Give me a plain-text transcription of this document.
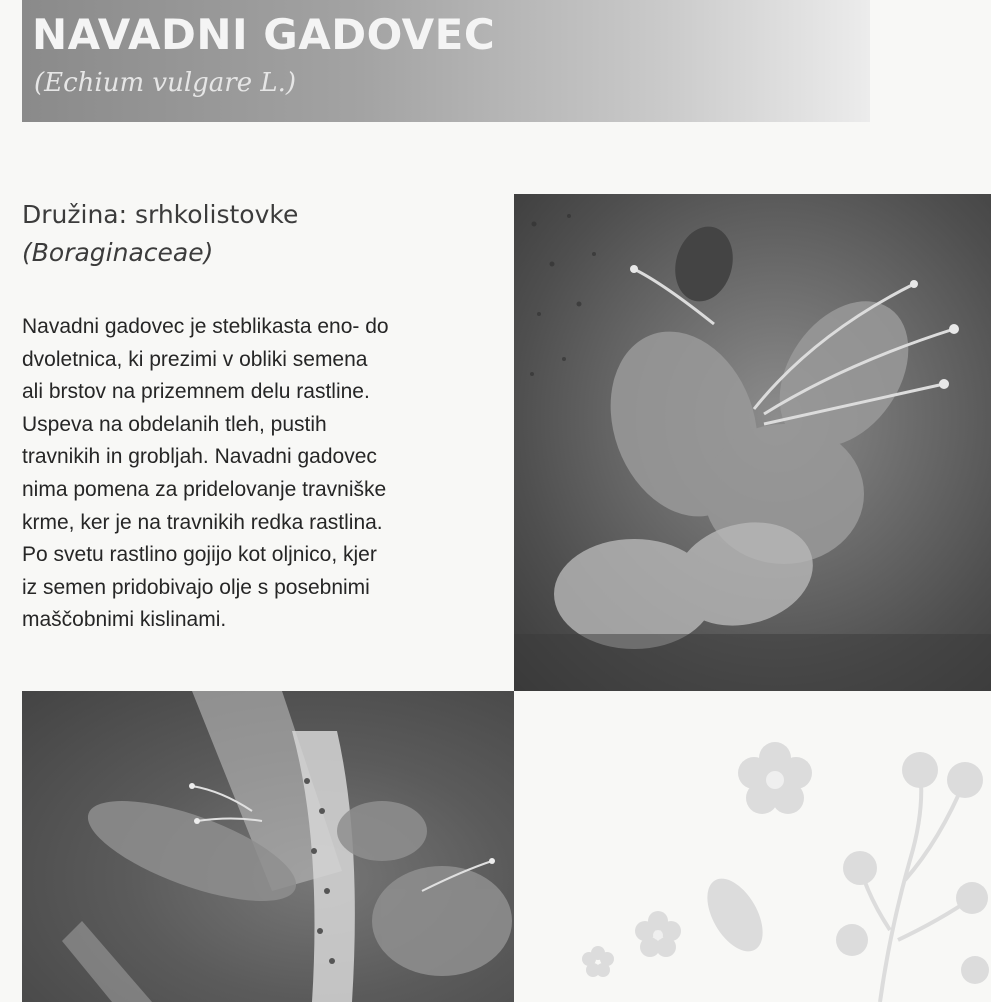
NAVADNI GADOVEC
(Echium vulgare L.)
Družina: srhkolistovke
(Boraginaceae)
Navadni gadovec je steblikasta eno- do
dvoletnica, ki prezimi v obliki semena
ali brstov na prizemnem delu rastline.
Uspeva na obdelanih tleh, pustih
travnikih in grobljah. Navadni gadovec
nima pomena za pridelovanje travniške
krme, ker je na travnikih redka rastlina.
Po svetu rastlino gojijo kot oljnico, kjer
iz semen pridobivajo olje s posebnimi
maščobnimi kislinami.
